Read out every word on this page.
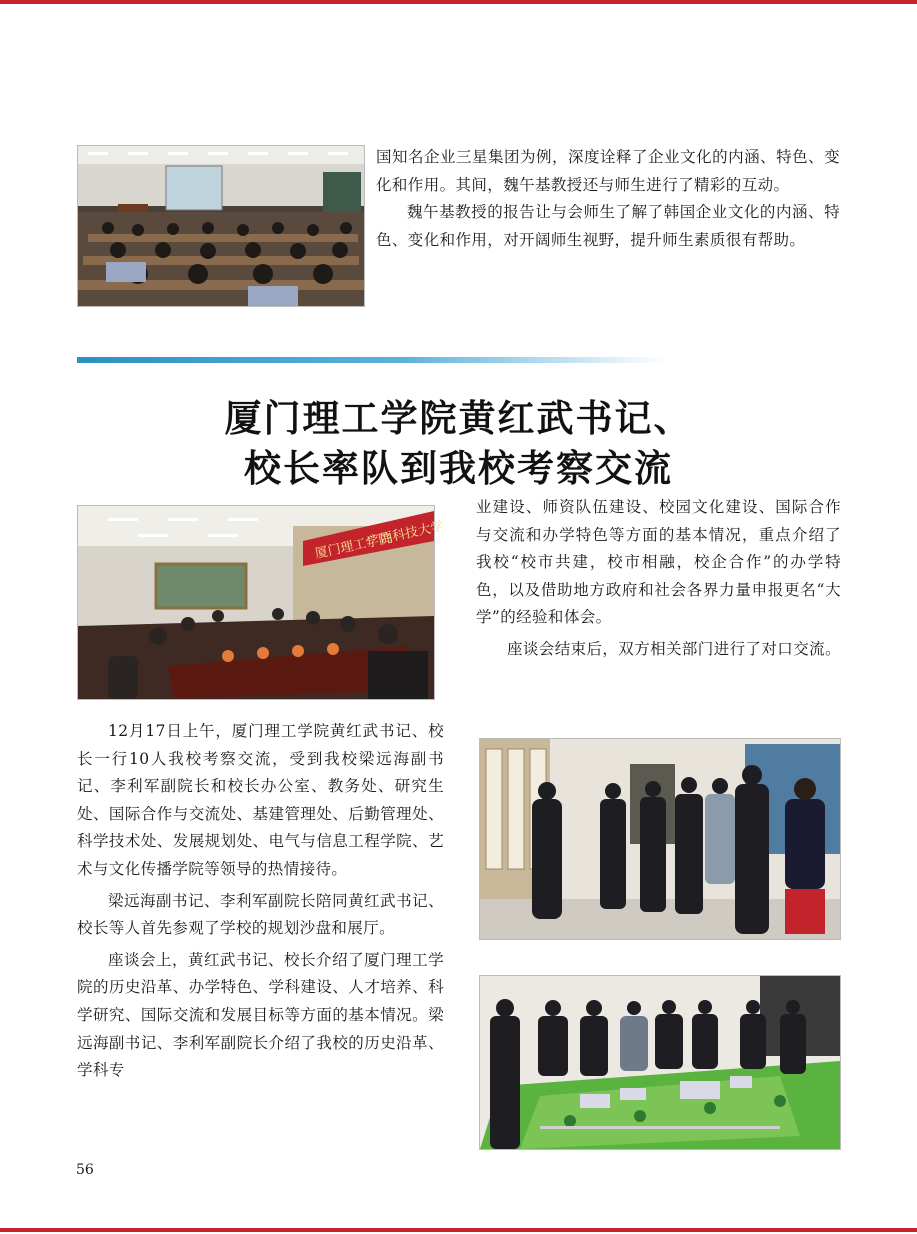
国知名企业三星集团为例，深度诠释了企业文化的内涵、特色、变化和作用。其间，魏午基教授还与师生进行了精彩的互动。

魏午基教授的报告让与会师生了解了韩国企业文化的内涵、特色、变化和作用，对开阔师生视野，提升师生素质很有帮助。

厦门理工学院黄红武书记、
校长率队到我校考察交流
厦门理工学院
广西科技大学

12月17日上午，厦门理工学院黄红武书记、校长一行10人我校考察交流，受到我校梁远海副书记、李利军副院长和校长办公室、教务处、研究生处、国际合作与交流处、基建管理处、后勤管理处、科学技术处、发展规划处、电气与信息工程学院、艺术与文化传播学院等领导的热情接待。

梁远海副书记、李利军副院长陪同黄红武书记、校长等人首先参观了学校的规划沙盘和展厅。

座谈会上，黄红武书记、校长介绍了厦门理工学院的历史沿革、办学特色、学科建设、人才培养、科学研究、国际交流和发展目标等方面的基本情况。梁远海副书记、李利军副院长介绍了我校的历史沿革、学科专

业建设、师资队伍建设、校园文化建设、国际合作与交流和办学特色等方面的基本情况，重点介绍了我校“校市共建，校市相融，校企合作”的办学特色，以及借助地方政府和社会各界力量申报更名“大学”的经验和体会。

座谈会结束后，双方相关部门进行了对口交流。

56
